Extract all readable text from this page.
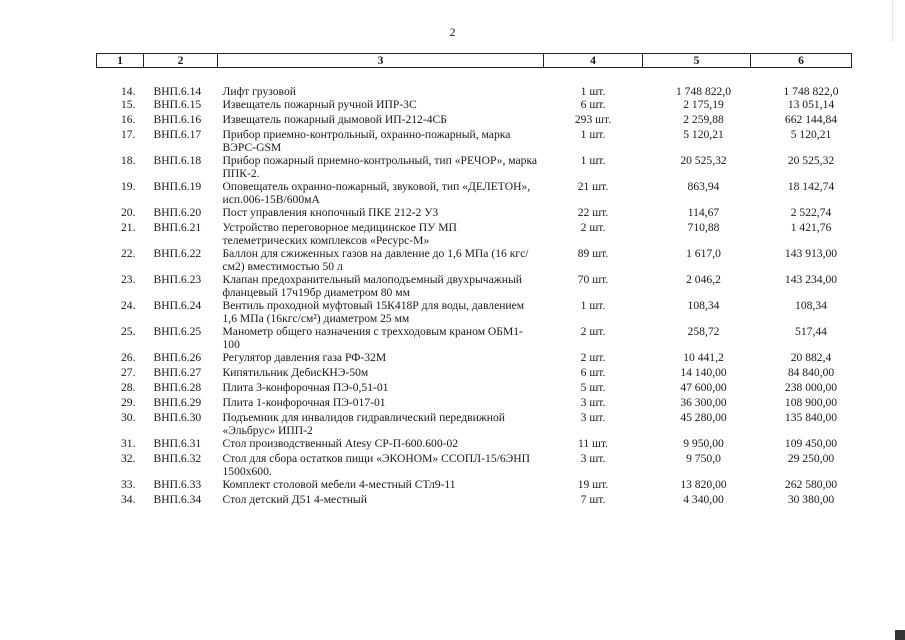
2
1	2	3	4	5	6
14.	ВНП.6.14	Лифт грузовой	1 шт.	1 748 822,0	1 748 822,0
15.	ВНП.6.15	Извещатель пожарный ручной ИПР-3С	6 шт.	2 175,19	13 051,14
16.	ВНП.6.16	Извещатель пожарный дымовой ИП-212-4СБ	293 шт.	2 259,88	662 144,84
17.	ВНП.6.17	Прибор приемно-контрольный, охранно-пожарный, марка ВЭРС-GSM	1 шт.	5 120,21	5 120,21
18.	ВНП.6.18	Прибор пожарный приемно-контрольный, тип «РЕЧОР», марка ППК-2.	1 шт.	20 525,32	20 525,32
19.	ВНП.6.19	Оповещатель охранно-пожарный, звуковой, тип «ДЕЛЕТОН», исп.006-15В/600мА	21 шт.	863,94	18 142,74
20.	ВНП.6.20	Пост управления кнопочный ПКЕ 212-2 У3	22 шт.	114,67	2 522,74
21.	ВНП.6.21	Устройство переговорное медицинское ПУ МП телеметрических комплексов «Ресурс-М»	2 шт.	710,88	1 421,76
22.	ВНП.6.22	Баллон для сжиженных газов на давление до 1,6 МПа (16 кгс/см2) вместимостью 50 л	89 шт.	1 617,0	143 913,00
23.	ВНП.6.23	Клапан предохранительный малоподъемный двухрычажный фланцевый 17ч19бр диаметром 80 мм	70 шт.	2 046,2	143 234,00
24.	ВНП.6.24	Вентиль проходной муфтовый 15К418Р для воды, давлением 1,6 МПа (16кгс/см²) диаметром 25 мм	1 шт.	108,34	108,34
25.	ВНП.6.25	Манометр общего назначения с трехходовым краном ОБМ1-100	2 шт.	258,72	517,44
26.	ВНП.6.26	Регулятор давления газа РФ-32М	2 шт.	10 441,2	20 882,4
27.	ВНП.6.27	Кипятильник ДебисКНЭ-50м	6 шт.	14 140,00	84 840,00
28.	ВНП.6.28	Плита 3-конфорочная ПЭ-0,51-01	5 шт.	47 600,00	238 000,00
29.	ВНП.6.29	Плита 1-конфорочная ПЭ-017-01	3 шт.	36 300,00	108 900,00
30.	ВНП.6.30	Подъемник для инвалидов гидравлический передвижной «Эльбрус» ИПП-2	3 шт.	45 280,00	135 840,00
31.	ВНП.6.31	Стол производственный Atesy СР-П-600.600-02	11 шт.	9 950,00	109 450,00
32.	ВНП.6.32	Стол для сбора остатков пищи «ЭКОНОМ» ССОПЛ-15/6ЭНП 1500х600.	3 шт.	9 750,0	29 250,00
33.	ВНП.6.33	Комплект столовой мебели 4-местный СТл9-11	19 шт.	13 820,00	262 580,00
34.	ВНП.6.34	Стол детский Д51 4-местный	7 шт.	4 340,00	30 380,00
